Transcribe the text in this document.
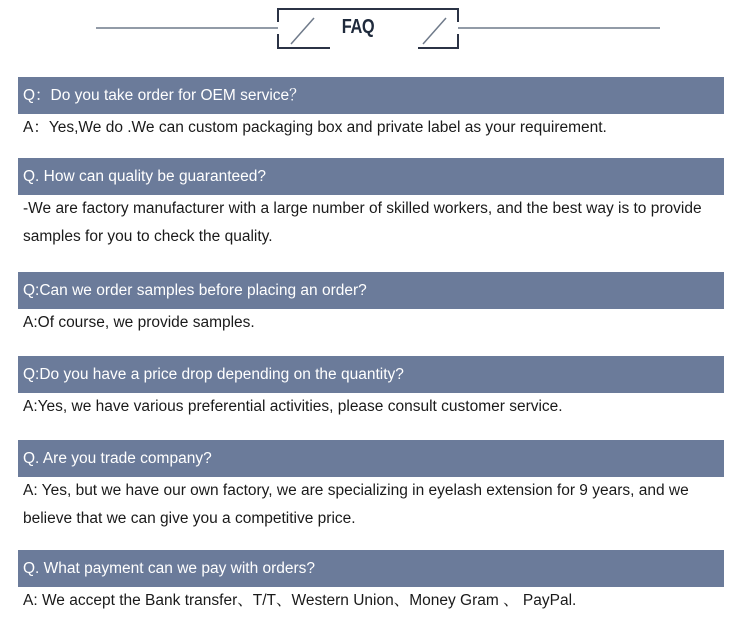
FAQ
Q：Do you take order for OEM service？
A：Yes,We do .We can custom packaging box and private label as your requirement.
Q. How can quality be guaranteed?
-We are factory manufacturer with a large number of skilled workers, and the best way is to provide samples for you to check the quality.
Q:Can we order samples before placing an order?
A:Of course, we provide samples.
Q:Do you have a price drop depending on the quantity?
A:Yes, we have various preferential activities, please consult customer service.
Q. Are you trade company?
A: Yes, but we have our own factory, we are specializing in eyelash extension for 9 years, and we believe that we can give you a competitive price.
Q. What payment can we pay with orders?
A: We accept the Bank transfer、T/T、Western Union、Money Gram 、 PayPal.
